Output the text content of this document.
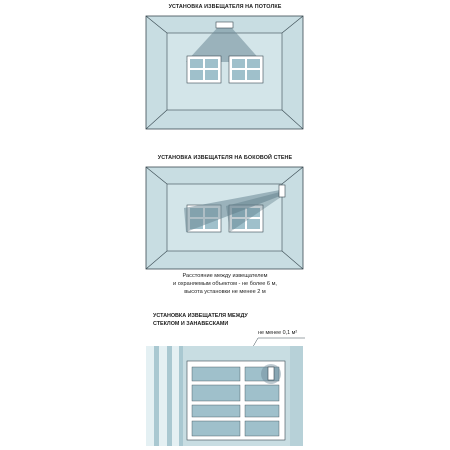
УСТАНОВКА ИЗВЕЩАТЕЛЯ НА ПОТОЛКЕ
УСТАНОВКА ИЗВЕЩАТЕЛЯ НА БОКОВОЙ СТЕНЕ
Расстояние между извещателем
и охраняемым объектом - не более 6 м,
высота установки не менее 2 м
УСТАНОВКА ИЗВЕЩАТЕЛЯ МЕЖДУ
СТЕКЛОМ И ЗАНАВЕСКАМИ
не менее 0,1 м²
